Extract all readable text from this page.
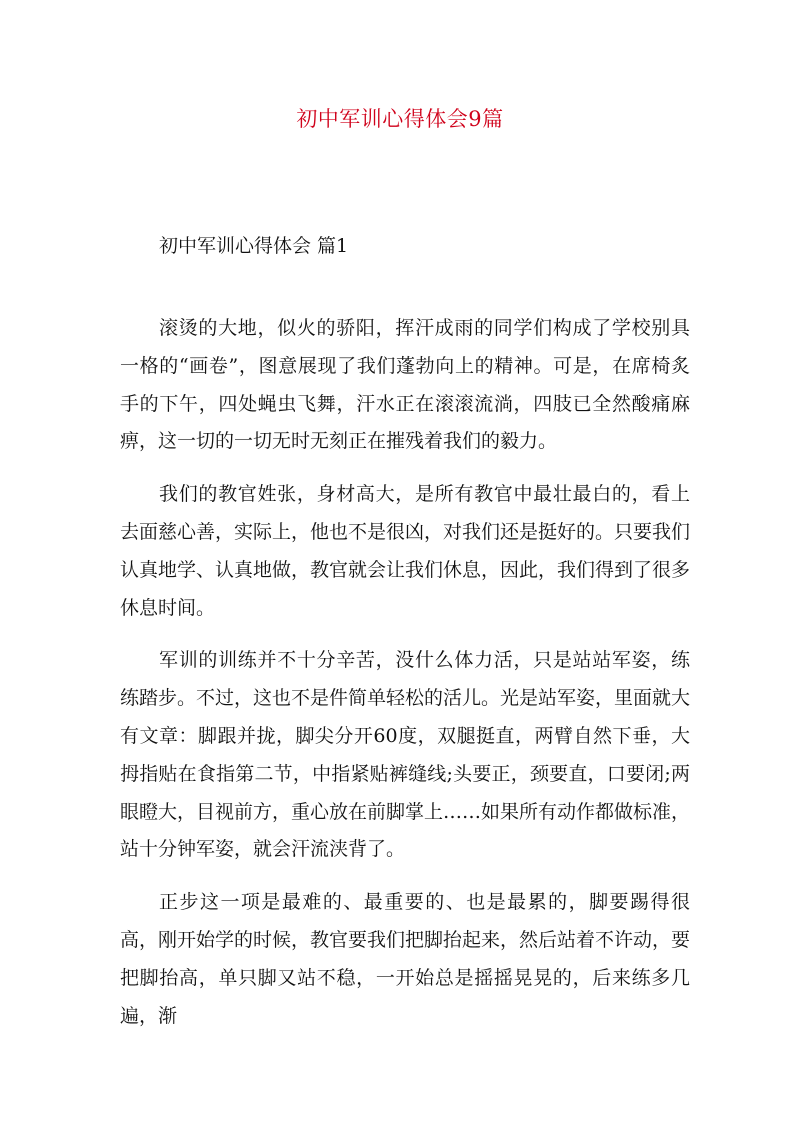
初中军训心得体会9篇
初中军训心得体会 篇1

滚烫的大地，似火的骄阳，挥汗成雨的同学们构成了学校别具一格的“画卷”，图意展现了我们蓬勃向上的精神。可是，在席椅炙手的下午，四处蝇虫飞舞，汗水正在滚滚流淌，四肢已全然酸痛麻痹，这一切的一切无时无刻正在摧残着我们的毅力。

我们的教官姓张，身材高大，是所有教官中最壮最白的，看上去面慈心善，实际上，他也不是很凶，对我们还是挺好的。只要我们认真地学、认真地做，教官就会让我们休息，因此，我们得到了很多休息时间。

军训的训练并不十分辛苦，没什么体力活，只是站站军姿，练练踏步。不过，这也不是件简单轻松的活儿。光是站军姿，里面就大有文章：脚跟并拢，脚尖分开60度，双腿挺直，两臂自然下垂，大拇指贴在食指第二节，中指紧贴裤缝线;头要正，颈要直，口要闭;两眼瞪大，目视前方，重心放在前脚掌上……如果所有动作都做标准，站十分钟军姿，就会汗流浃背了。

正步这一项是最难的、最重要的、也是最累的，脚要踢得很高，刚开始学的时候，教官要我们把脚抬起来，然后站着不许动，要把脚抬高，单只脚又站不稳，一开始总是摇摇晃晃的，后来练多几遍，渐
